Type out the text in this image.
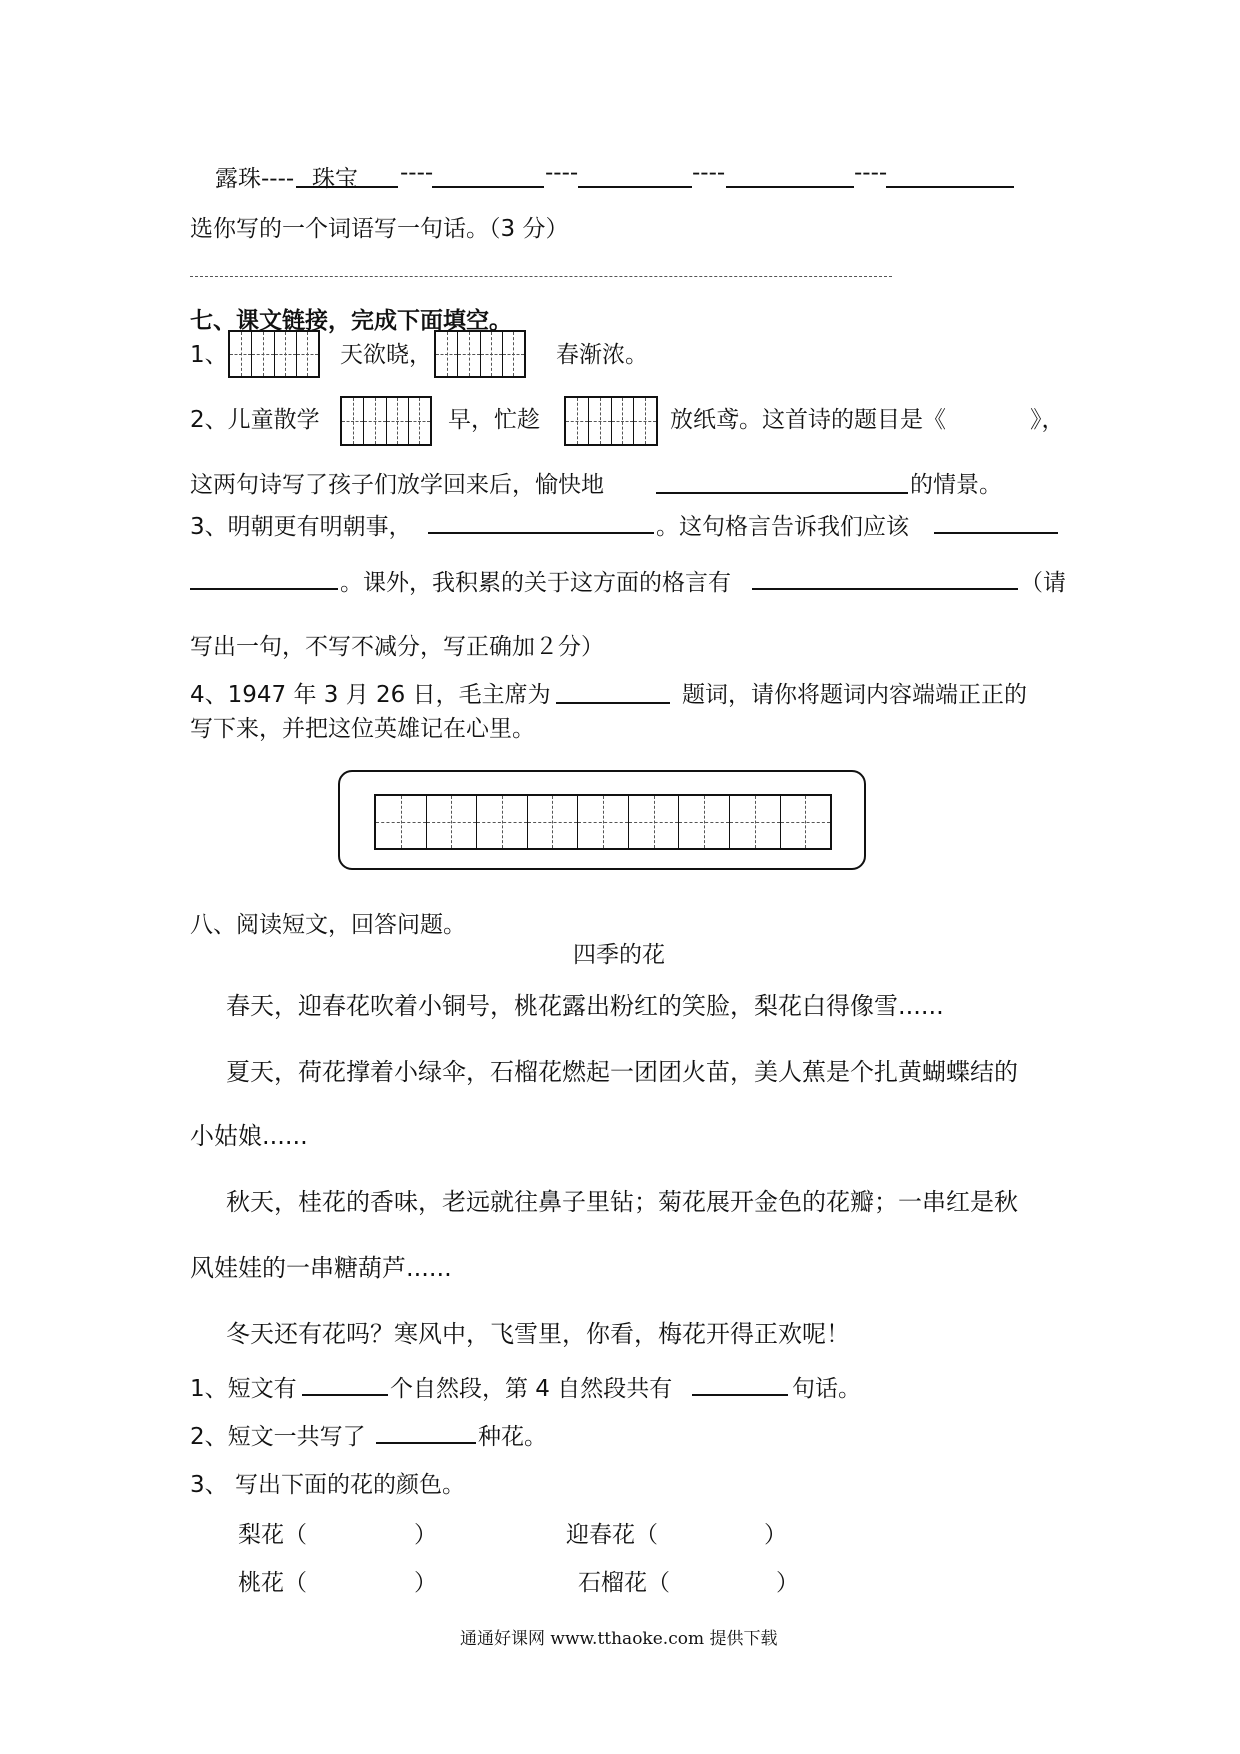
露珠---- 珠宝 ----	----	----	----
选你写的一个词语写一句话。（3 分）
七、课文链接，完成下面填空。
1、	天欲晓，	春渐浓。
2、儿童散学	早，忙趁	放纸鸢。这首诗的题目是《	》，
这两句诗写了孩子们放学回来后，愉快地	的情景。
3、明朝更有明朝事，	。这句格言告诉我们应该
。课外，我积累的关于这方面的格言有	（请
写出一句，不写不减分，写正确加２分）
4、1947 年 3 月 26 日，毛主席为	题词，请你将题词内容端端正正的
写下来，并把这位英雄记在心里。
八、阅读短文，回答问题。
四季的花
春天，迎春花吹着小铜号，桃花露出粉红的笑脸，梨花白得像雪......
夏天，荷花撑着小绿伞，石榴花燃起一团团火苗，美人蕉是个扎黄蝴蝶结的
小姑娘......
秋天，桂花的香味，老远就往鼻子里钻；菊花展开金色的花瓣；一串红是秋
风娃娃的一串糖葫芦......
冬天还有花吗？寒风中，飞雪里，你看，梅花开得正欢呢！
1、短文有	个自然段，第 4 自然段共有	句话。
2、短文一共写了	种花。
3、 写出下面的花的颜色。
梨花（	）	迎春花（	）
桃花（	）	石榴花（	）
通通好课网 www.tthaoke.com 提供下载
